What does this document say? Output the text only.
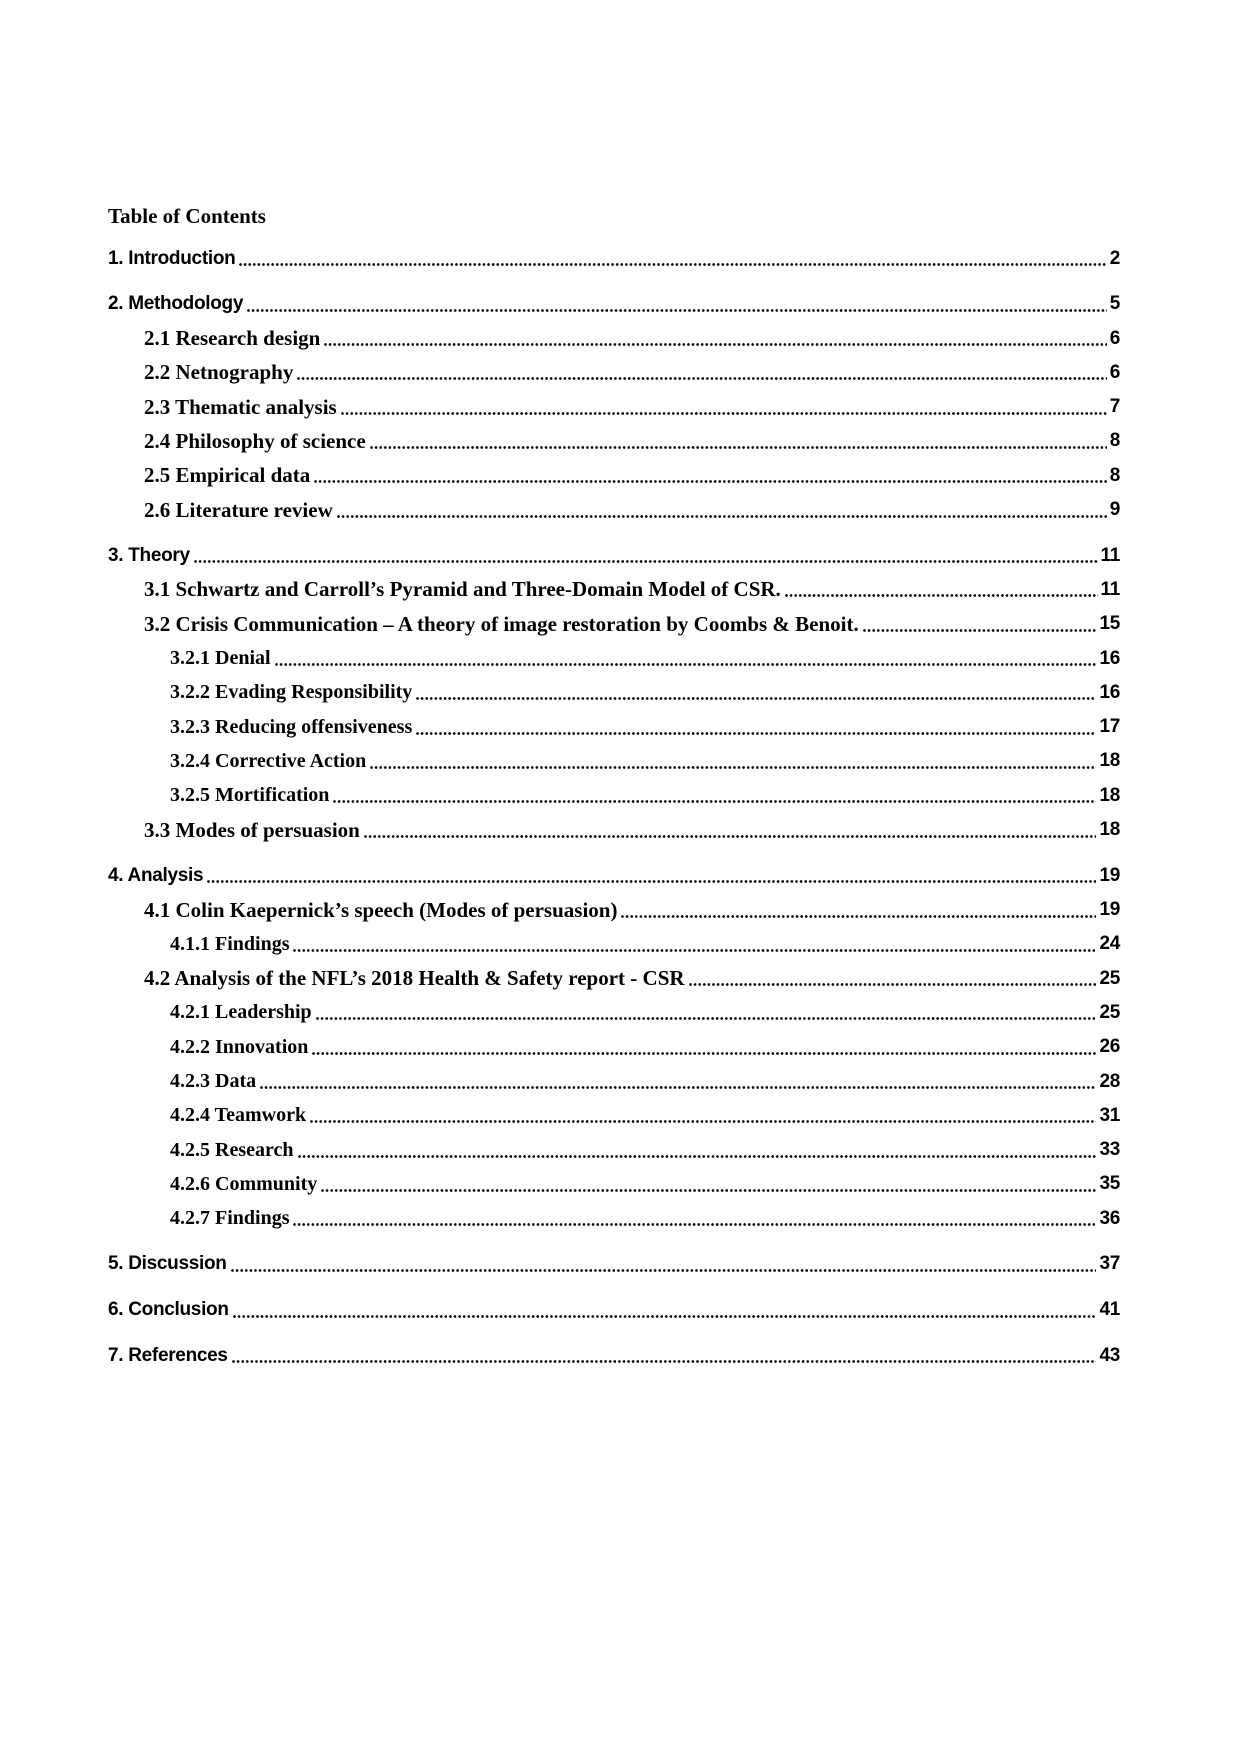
Table of Contents
1. Introduction	2
2. Methodology	5
2.1 Research design	6
2.2 Netnography	6
2.3 Thematic analysis	7
2.4 Philosophy of science	8
2.5 Empirical data	8
2.6 Literature review	9
3. Theory	11
3.1 Schwartz and Carroll’s Pyramid and Three-Domain Model of CSR.	11
3.2 Crisis Communication – A theory of image restoration by Coombs & Benoit.	15
3.2.1 Denial	16
3.2.2 Evading Responsibility	16
3.2.3 Reducing offensiveness	17
3.2.4 Corrective Action	18
3.2.5 Mortification	18
3.3 Modes of persuasion	18
4. Analysis	19
4.1 Colin Kaepernick’s speech (Modes of persuasion)	19
4.1.1 Findings	24
4.2 Analysis of the NFL’s 2018 Health & Safety report - CSR	25
4.2.1 Leadership	25
4.2.2 Innovation	26
4.2.3 Data	28
4.2.4 Teamwork	31
4.2.5 Research	33
4.2.6 Community	35
4.2.7 Findings	36
5. Discussion	37
6. Conclusion	41
7. References	43
